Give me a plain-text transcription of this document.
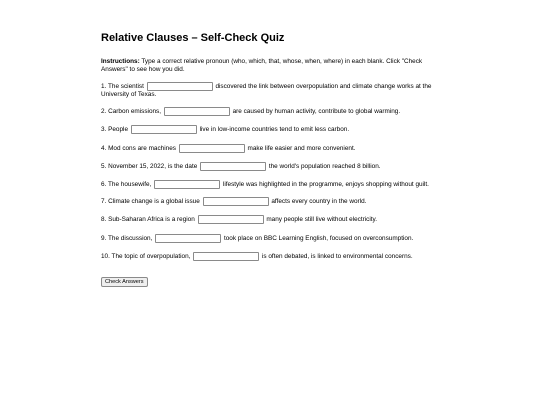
Relative Clauses – Self-Check Quiz

Instructions: Type a correct relative pronoun (who, which, that, whose, when, where) in each blank. Click "Check Answers" to see how you did.

1. The scientist	discovered the link between overpopulation and climate change works at the University of Texas.

2. Carbon emissions,	are caused by human activity, contribute to global warming.

3. People	live in low-income countries tend to emit less carbon.

4. Mod cons are machines	make life easier and more convenient.

5. November 15, 2022, is the date	the world's population reached 8 billion.

6. The housewife,	lifestyle was highlighted in the programme, enjoys shopping without guilt.

7. Climate change is a global issue	affects every country in the world.

8. Sub-Saharan Africa is a region	many people still live without electricity.

9. The discussion,	took place on BBC Learning English, focused on overconsumption.

10. The topic of overpopulation,	is often debated, is linked to environmental concerns.

Check Answers
